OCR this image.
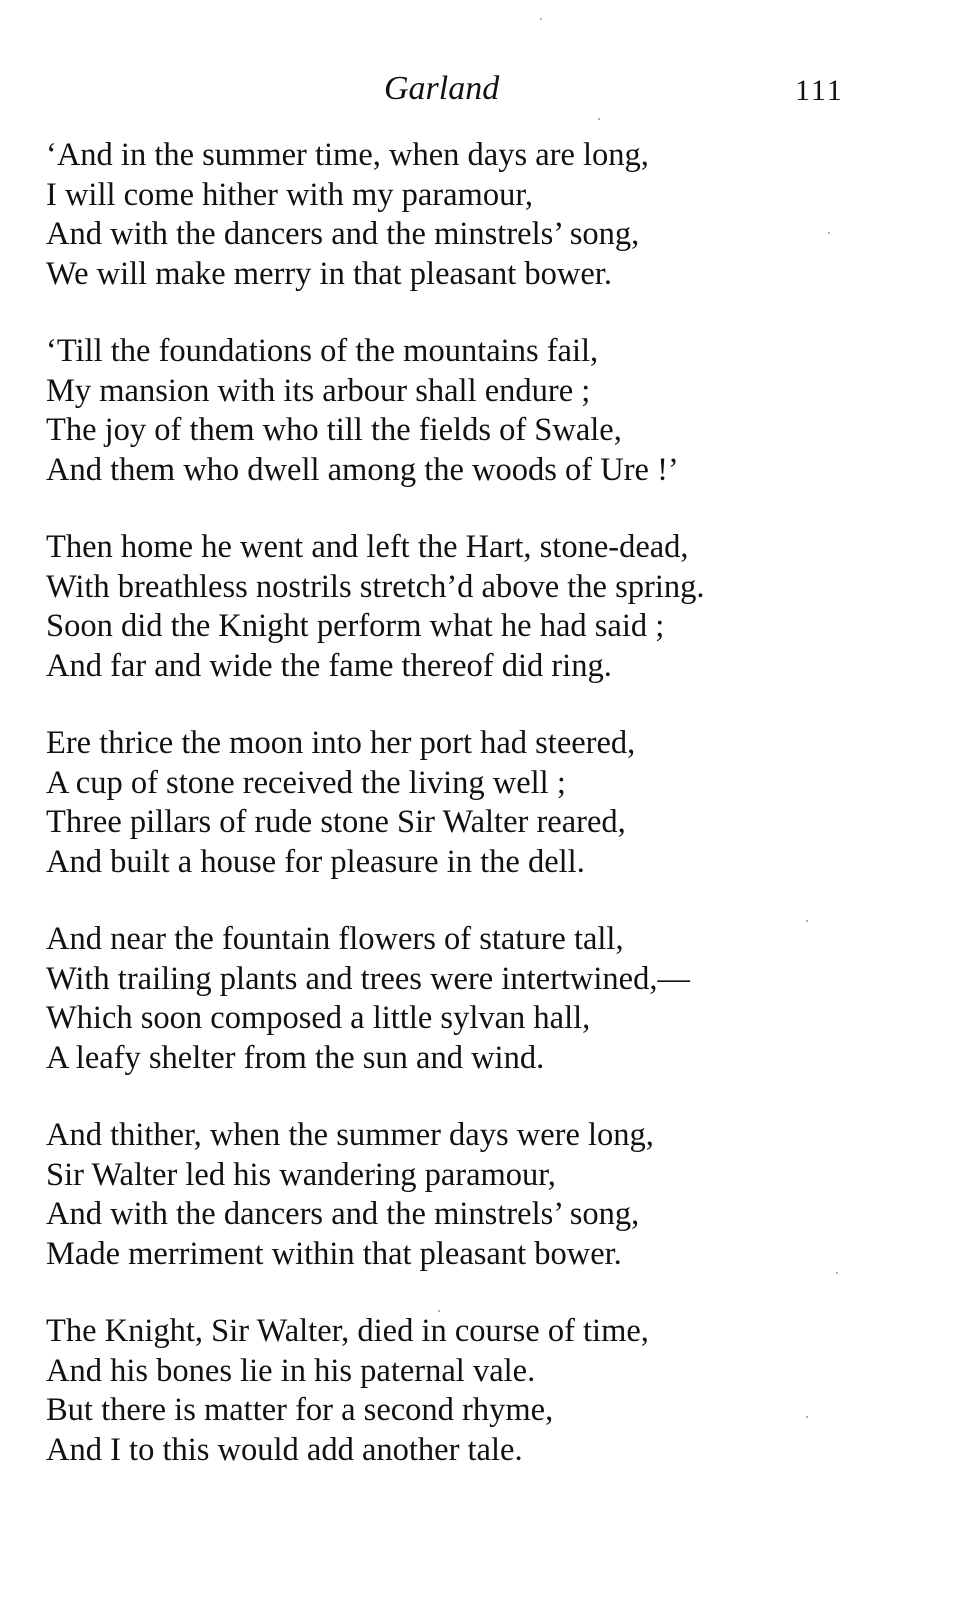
Garland	111
‘And in the summer time, when days are long,
I will come hither with my paramour,
And with the dancers and the minstrels’ song,
We will make merry in that pleasant bower.
‘Till the foundations of the mountains fail,
My mansion with its arbour shall endure ;
The joy of them who till the fields of Swale,
And them who dwell among the woods of Ure !’
Then home he went and left the Hart, stone-dead,
With breathless nostrils stretch’d above the spring.
Soon did the Knight perform what he had said ;
And far and wide the fame thereof did ring.
Ere thrice the moon into her port had steered,
A cup of stone received the living well ;
Three pillars of rude stone Sir Walter reared,
And built a house for pleasure in the dell.
And near the fountain flowers of stature tall,
With trailing plants and trees were intertwined,—
Which soon composed a little sylvan hall,
A leafy shelter from the sun and wind.
And thither, when the summer days were long,
Sir Walter led his wandering paramour,
And with the dancers and the minstrels’ song,
Made merriment within that pleasant bower.
The Knight, Sir Walter, died in course of time,
And his bones lie in his paternal vale.
But there is matter for a second rhyme,
And I to this would add another tale.
